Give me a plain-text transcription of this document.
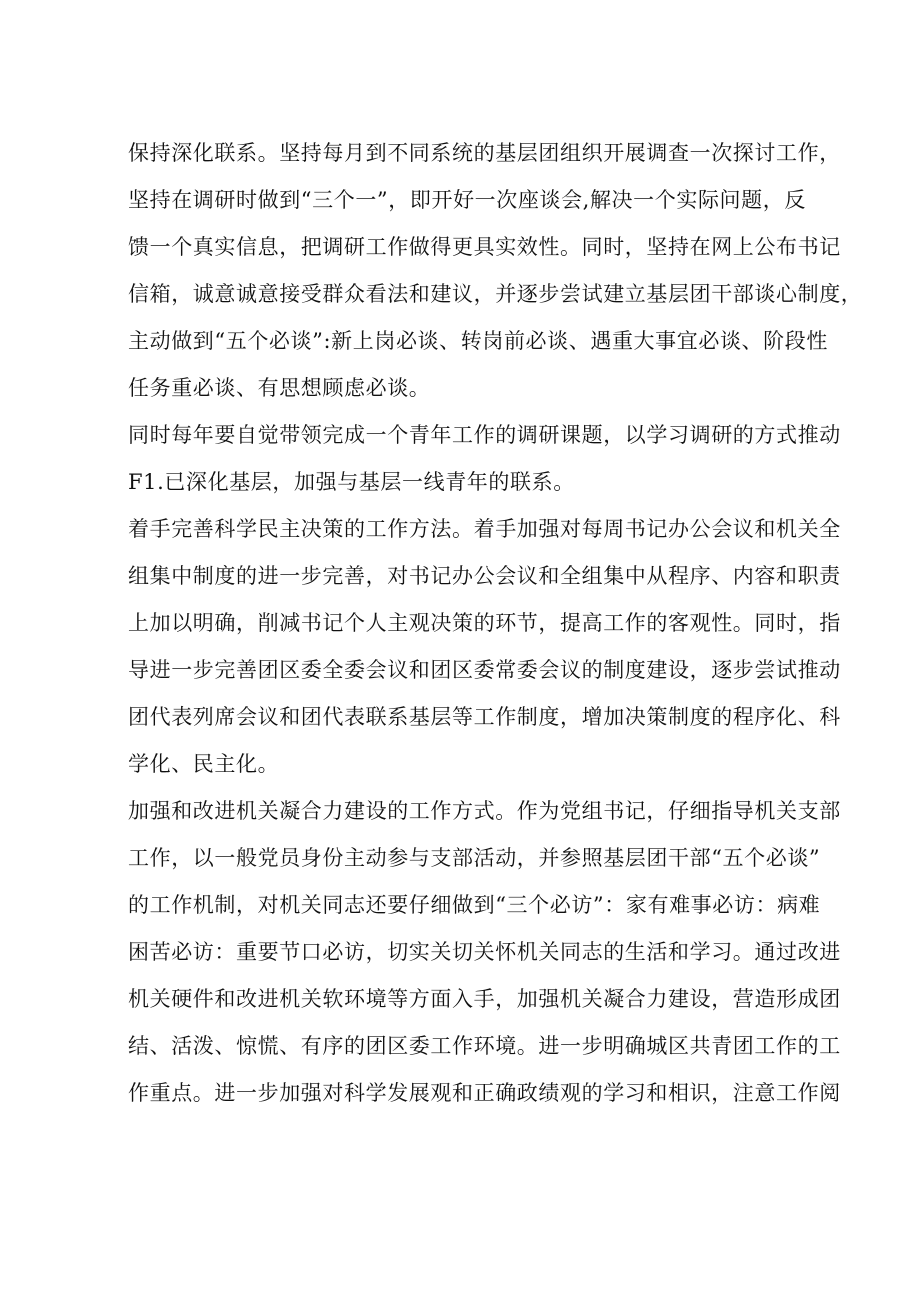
保持深化联系。坚持每月到不同系统的基层团组织开展调查一次探讨工作，
坚持在调研时做到“三个一”，即开好一次座谈会,解决一个实际问题，反
馈一个真实信息，把调研工作做得更具实效性。同时，坚持在网上公布书记
信箱，诚意诚意接受群众看法和建议，并逐步尝试建立基层团干部谈心制度，
主动做到“五个必谈”:新上岗必谈、转岗前必谈、遇重大事宜必谈、阶段性
任务重必谈、有思想顾虑必谈。

同时每年要自觉带领完成一个青年工作的调研课题，以学习调研的方式推动
F1.已深化基层，加强与基层一线青年的联系。

着手完善科学民主决策的工作方法。着手加强对每周书记办公会议和机关全
组集中制度的进一步完善，对书记办公会议和全组集中从程序、内容和职责
上加以明确，削减书记个人主观决策的环节，提高工作的客观性。同时，指
导进一步完善团区委全委会议和团区委常委会议的制度建设，逐步尝试推动
团代表列席会议和团代表联系基层等工作制度，增加决策制度的程序化、科
学化、民主化。

加强和改进机关凝合力建设的工作方式。作为党组书记，仔细指导机关支部
工作，以一般党员身份主动参与支部活动，并参照基层团干部“五个必谈”
的工作机制，对机关同志还要仔细做到“三个必访”：家有难事必访：病难
困苦必访：重要节口必访，切实关切关怀机关同志的生活和学习。通过改进
机关硬件和改进机关软环境等方面入手，加强机关凝合力建设，营造形成团
结、活泼、惊慌、有序的团区委工作环境。进一步明确城区共青团工作的工
作重点。进一步加强对科学发展观和正确政绩观的学习和相识，注意工作阅
